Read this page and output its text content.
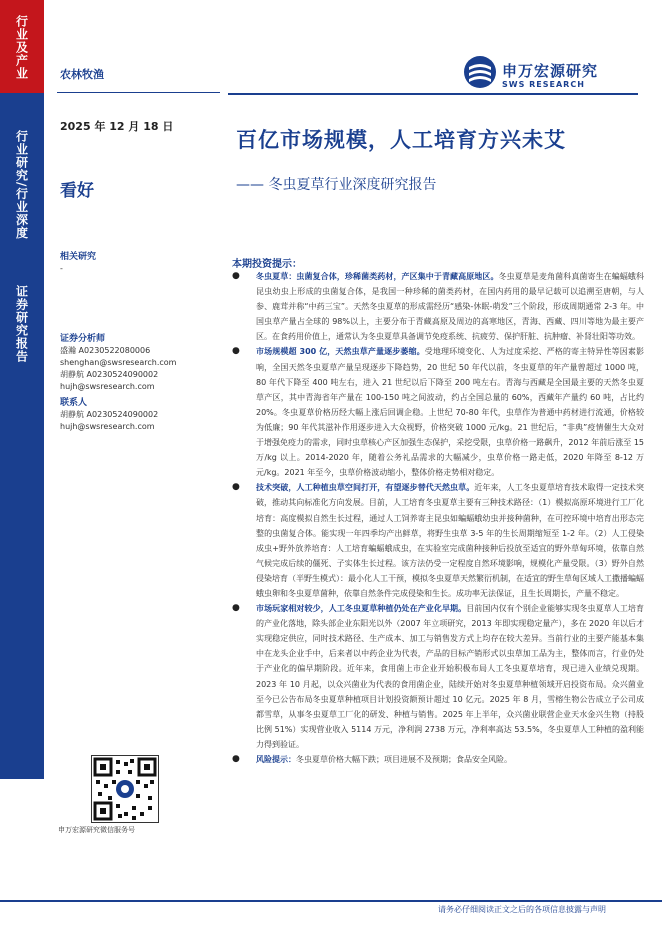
行业及产业
行业研究/行业深度
证券研究报告
农林牧渔
2025 年 12 月 18 日
看好
相关研究
-
证券分析师
盛瀚 A0230522080006
shenghan@swsresearch.com
胡静航 A0230524090002
hujh@swsresearch.com
联系人
胡静航 A0230524090002
hujh@swsresearch.com
申万宏源研究微信服务号
申万宏源研究
SWS RESEARCH
百亿市场规模，人工培育方兴未艾
—— 冬虫夏草行业深度研究报告
本期投资提示：
● 冬虫夏草：虫菌复合体，珍稀菌类药材，产区集中于青藏高原地区。冬虫夏草是麦角菌科真菌寄生在蝙蝠蛾科昆虫幼虫上形成的虫菌复合体，是我国一种珍稀的菌类药材，在国内药用的最早记载可以追溯至唐朝，与人参、鹿茸并称“中药三宝”。天然冬虫夏草的形成需经历“感染-休眠-萌发”三个阶段，形成周期通常 2-3 年。中国虫草产量占全球的 98%以上，主要分布于青藏高原及周边的高寒地区，青海、西藏、四川等地为最主要产区。在食药用价值上，通常认为冬虫夏草具备调节免疫系统、抗疲劳、保护肝脏、抗肿瘤、补肾壮阳等功效。
● 市场规模超 300 亿，天然虫草产量逐步萎缩。受地理环境变化、人为过度采挖、严格的寄主特异性等因素影响，全国天然冬虫夏草产量呈现逐步下降趋势，20 世纪 50 年代以前，冬虫夏草的年产量曾超过 1000 吨，80 年代下降至 400 吨左右，进入 21 世纪以后下降至 200 吨左右。青海与西藏是全国最主要的天然冬虫夏草产区，其中青海省年产量在 100-150 吨之间波动，约占全国总量的 60%，西藏年产量约 60 吨，占比约 20%。冬虫夏草价格历经大幅上涨后回调企稳。上世纪 70-80 年代，虫草作为普通中药材进行流通，价格较为低廉；90 年代其滋补作用逐步进入大众视野，价格突破 1000 元/kg。21 世纪后，“非典”疫情催生大众对于增强免疫力的需求，同时虫草核心产区加强生态保护，采挖受限，虫草价格一路飙升，2012 年前后涨至 15 万/kg 以上。2014-2020 年，随着公务礼品需求的大幅减少，虫草价格一路走低，2020 年降至 8-12 万元/kg。2021 年至今，虫草价格波动缩小，整体价格走势相对稳定。
● 技术突破，人工种植虫草空间打开，有望逐步替代天然虫草。近年来，人工冬虫夏草培育技术取得一定技术突破，推动其向标准化方向发展。目前，人工培育冬虫夏草主要有三种技术路径：（1）模拟高原环境进行工厂化培育：高度模拟自然生长过程，通过人工饲养寄主昆虫如蝙蝠蛾幼虫并接种菌种，在可控环境中培育出形态完整的虫菌复合体。能实现一年四季均产出鲜草，将野生虫草 3-5 年的生长周期缩短至 1-2 年。（2）人工侵染成虫+野外放养培育：人工培育蝙蝠蛾成虫，在实验室完成菌种接种后投放至适宜的野外草甸环境，依靠自然气候完成后续的僵死、子实体生长过程。该方法仍受一定程度自然环境影响，规模化产量受限。（3）野外自然侵染培育（半野生模式）：最小化人工干预，模拟冬虫夏草天然繁衍机制，在适宜的野生草甸区域人工撒播蝙蝠蛾虫卵和冬虫夏草菌种，依靠自然条件完成侵染和生长。成功率无法保证，且生长周期长，产量不稳定。
● 市场玩家相对较少，人工冬虫夏草种植仍处在产业化早期。目前国内仅有个别企业能够实现冬虫夏草人工培育的产业化落地，除头部企业东阳光以外（2007 年立项研究，2013 年即实现稳定量产），多在 2020 年以后才实现稳定供应，同时技术路径、生产成本、加工与销售发方式上均存在较大差异。当前行业的主要产能基本集中在龙头企业手中，后来者以中药企业为代表，产品的目标产销形式以虫草加工品为主，整体而言，行业仍处于产业化的偏早期阶段。近年来，食用菌上市企业开始积极布局人工冬虫夏草培育，现已进入业绩兑现期。2023 年 10 月起，以众兴菌业为代表的食用菌企业，陆续开始对冬虫夏草种植领域开启投资布局。众兴菌业至今已公告布局冬虫夏草种植项目计划投资额预计超过 10 亿元。2025 年 8 月，雪榕生物公告成立子公司成都雪草，从事冬虫夏草工厂化的研发、种植与销售。2025 年上半年，众兴菌业联营企业天水金兴生物（持股比例 51%）实现营业收入 5114 万元，净利润 2738 万元，净利率高达 53.5%，冬虫夏草人工种植的盈利能力得到验证。
● 风险提示：冬虫夏草价格大幅下跌；项目进展不及预期；食品安全风险。
请务必仔细阅读正文之后的各项信息披露与声明
